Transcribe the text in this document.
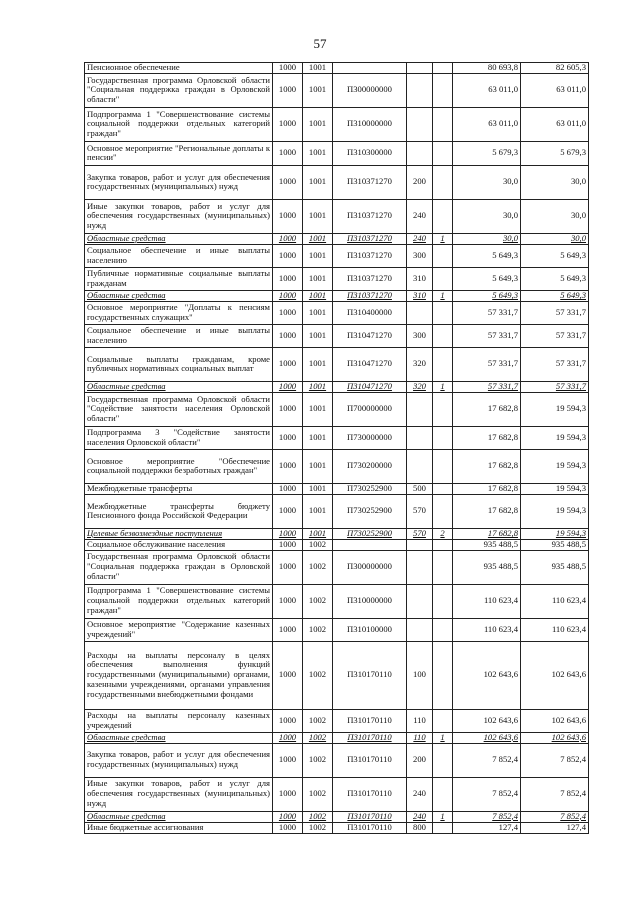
57
Пенсионное обеспечение	1000	1001				80 693,8	82 605,3
Государственная программа Орловской области "Социальная поддержка граждан в Орловской области"	1000	1001	П300000000			63 011,0	63 011,0
Подпрограмма 1 "Совершенствование системы социальной поддержки отдельных категорий граждан"	1000	1001	П310000000			63 011,0	63 011,0
Основное мероприятие "Региональные доплаты к пенсии"	1000	1001	П310300000			5 679,3	5 679,3
Закупка товаров, работ и услуг для обеспечения государственных (муниципальных) нужд	1000	1001	П310371270	200		30,0	30,0
Иные закупки товаров, работ и услуг для обеспечения государственных (муниципальных) нужд	1000	1001	П310371270	240		30,0	30,0
Областные средства	1000	1001	П310371270	240	1	30,0	30,0
Социальное обеспечение и иные выплаты населению	1000	1001	П310371270	300		5 649,3	5 649,3
Публичные нормативные социальные выплаты гражданам	1000	1001	П310371270	310		5 649,3	5 649,3
Областные средства	1000	1001	П310371270	310	1	5 649,3	5 649,3
Основное мероприятие "Доплаты к пенсиям государственных служащих"	1000	1001	П310400000			57 331,7	57 331,7
Социальное обеспечение и иные выплаты населению	1000	1001	П310471270	300		57 331,7	57 331,7
Социальные выплаты гражданам, кроме публичных нормативных социальных выплат	1000	1001	П310471270	320		57 331,7	57 331,7
Областные средства	1000	1001	П310471270	320	1	57 331,7	57 331,7
Государственная программа Орловской области "Содействие занятости населения Орловской области"	1000	1001	П700000000			17 682,8	19 594,3
Подпрограмма 3 "Содействие занятости населения Орловской области"	1000	1001	П730000000			17 682,8	19 594,3
Основное мероприятие "Обеспечение социальной поддержки безработных граждан"	1000	1001	П730200000			17 682,8	19 594,3
Межбюджетные трансферты	1000	1001	П730252900	500		17 682,8	19 594,3
Межбюджетные трансферты бюджету Пенсионного фонда Российской Федерации	1000	1001	П730252900	570		17 682,8	19 594,3
Целевые безвозмездные поступления	1000	1001	П730252900	570	2	17 682,8	19 594,3
Социальное обслуживание населения	1000	1002				935 488,5	935 488,5
Государственная программа Орловской области "Социальная поддержка граждан в Орловской области"	1000	1002	П300000000			935 488,5	935 488,5
Подпрограмма 1 "Совершенствование системы социальной поддержки отдельных категорий граждан"	1000	1002	П310000000			110 623,4	110 623,4
Основное мероприятие "Содержание казенных учреждений"	1000	1002	П310100000			110 623,4	110 623,4
Расходы на выплаты персоналу в целях обеспечения выполнения функций государственными (муниципальными) органами, казенными учреждениями, органами управления государственными внебюджетными фондами	1000	1002	П310170110	100		102 643,6	102 643,6
Расходы на выплаты персоналу казенных учреждений	1000	1002	П310170110	110		102 643,6	102 643,6
Областные средства	1000	1002	П310170110	110	1	102 643,6	102 643,6
Закупка товаров, работ и услуг для обеспечения государственных (муниципальных) нужд	1000	1002	П310170110	200		7 852,4	7 852,4
Иные закупки товаров, работ и услуг для обеспечения государственных (муниципальных) нужд	1000	1002	П310170110	240		7 852,4	7 852,4
Областные средства	1000	1002	П310170110	240	1	7 852,4	7 852,4
Иные бюджетные ассигнования	1000	1002	П310170110	800		127,4	127,4
